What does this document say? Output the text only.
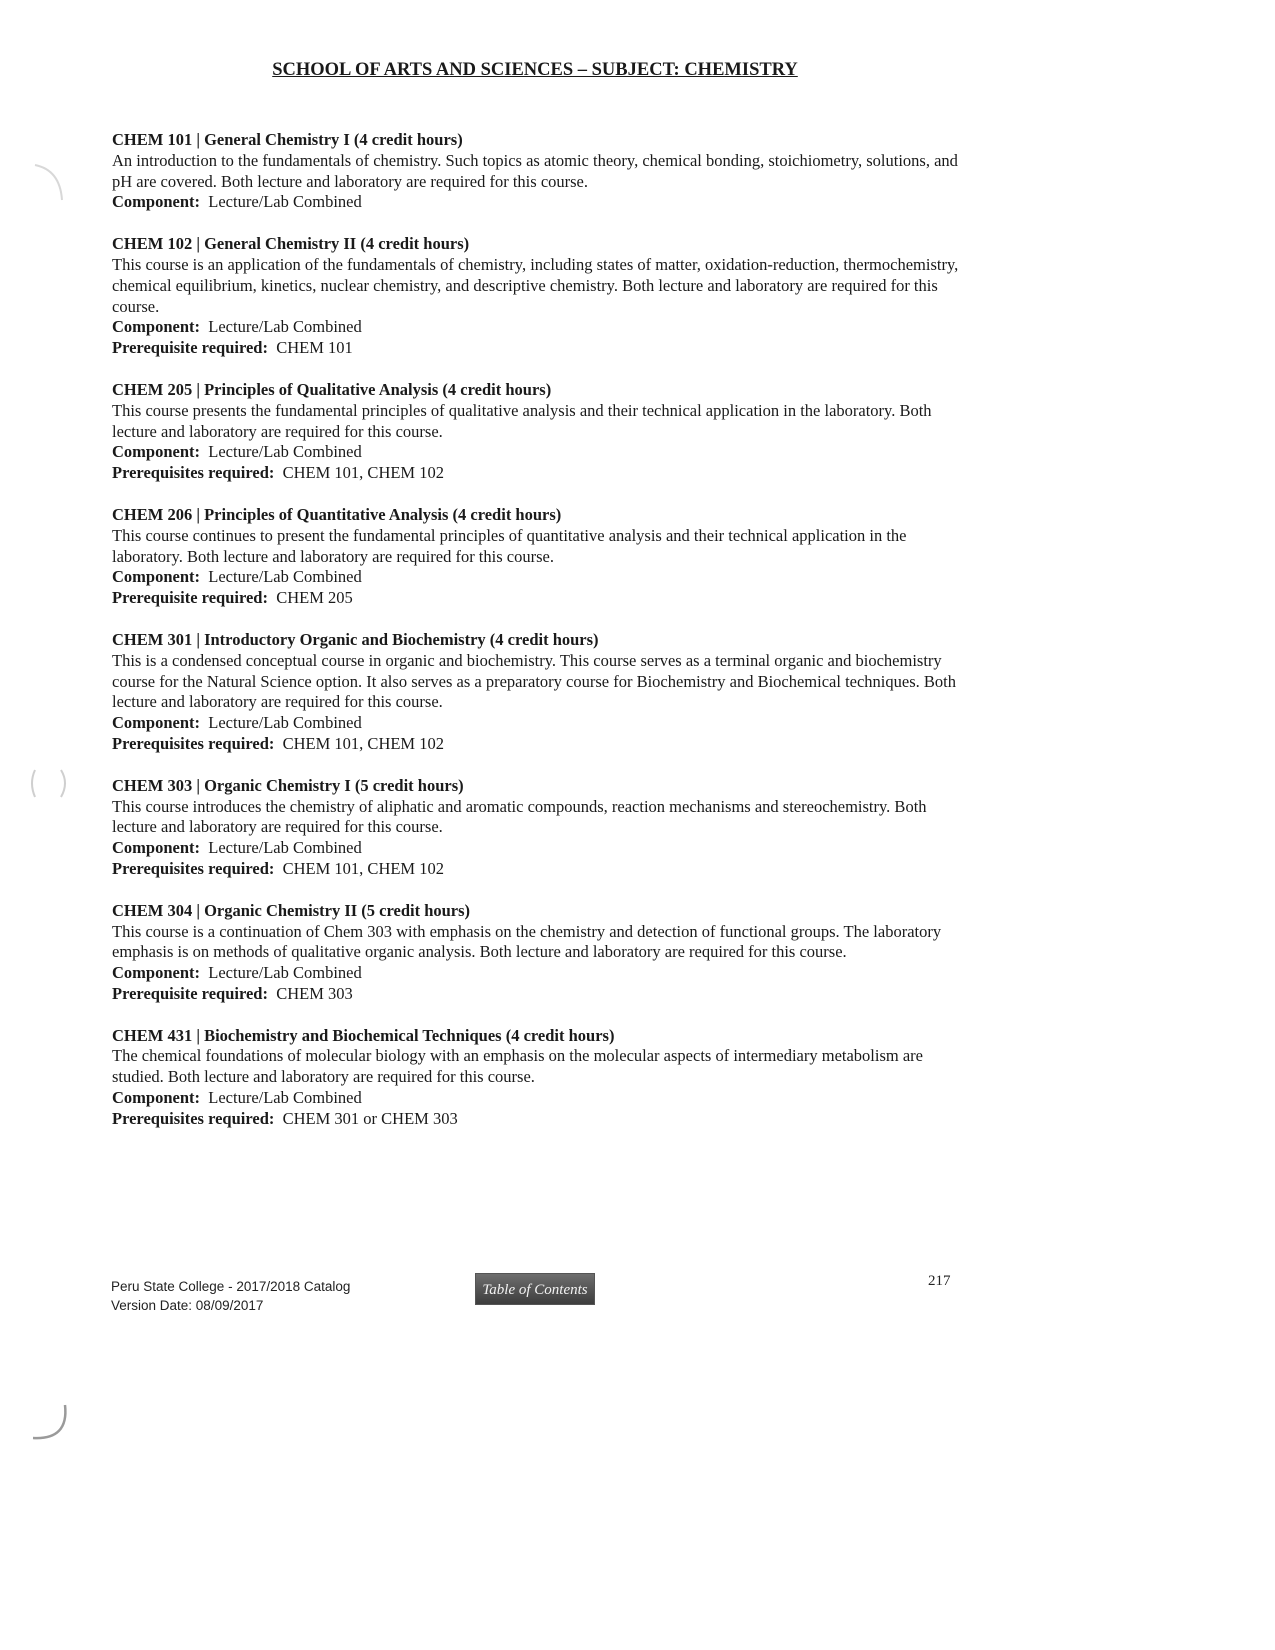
SCHOOL OF ARTS AND SCIENCES – SUBJECT: CHEMISTRY
CHEM 101 | General Chemistry I (4 credit hours)

An introduction to the fundamentals of chemistry. Such topics as atomic theory, chemical bonding, stoichiometry, solutions, and pH are covered. Both lecture and laboratory are required for this course.

Component: Lecture/Lab Combined
CHEM 102 | General Chemistry II (4 credit hours)

This course is an application of the fundamentals of chemistry, including states of matter, oxidation-reduction, thermochemistry, chemical equilibrium, kinetics, nuclear chemistry, and descriptive chemistry. Both lecture and laboratory are required for this course.

Component: Lecture/Lab Combined
Prerequisite required: CHEM 101
CHEM 205 | Principles of Qualitative Analysis (4 credit hours)

This course presents the fundamental principles of qualitative analysis and their technical application in the laboratory. Both lecture and laboratory are required for this course.

Component: Lecture/Lab Combined
Prerequisites required: CHEM 101, CHEM 102
CHEM 206 | Principles of Quantitative Analysis (4 credit hours)

This course continues to present the fundamental principles of quantitative analysis and their technical application in the laboratory. Both lecture and laboratory are required for this course.

Component: Lecture/Lab Combined
Prerequisite required: CHEM 205
CHEM 301 | Introductory Organic and Biochemistry (4 credit hours)

This is a condensed conceptual course in organic and biochemistry. This course serves as a terminal organic and biochemistry course for the Natural Science option. It also serves as a preparatory course for Biochemistry and Biochemical techniques. Both lecture and laboratory are required for this course.

Component: Lecture/Lab Combined
Prerequisites required: CHEM 101, CHEM 102
CHEM 303 | Organic Chemistry I (5 credit hours)

This course introduces the chemistry of aliphatic and aromatic compounds, reaction mechanisms and stereochemistry. Both lecture and laboratory are required for this course.

Component: Lecture/Lab Combined
Prerequisites required: CHEM 101, CHEM 102
CHEM 304 | Organic Chemistry II (5 credit hours)

This course is a continuation of Chem 303 with emphasis on the chemistry and detection of functional groups. The laboratory emphasis is on methods of qualitative organic analysis. Both lecture and laboratory are required for this course.

Component: Lecture/Lab Combined
Prerequisite required: CHEM 303
CHEM 431 | Biochemistry and Biochemical Techniques (4 credit hours)

The chemical foundations of molecular biology with an emphasis on the molecular aspects of intermediary metabolism are studied. Both lecture and laboratory are required for this course.

Component: Lecture/Lab Combined
Prerequisites required: CHEM 301 or CHEM 303
Peru State College - 2017/2018 Catalog
Version Date: 08/09/2017
Table of Contents
217
